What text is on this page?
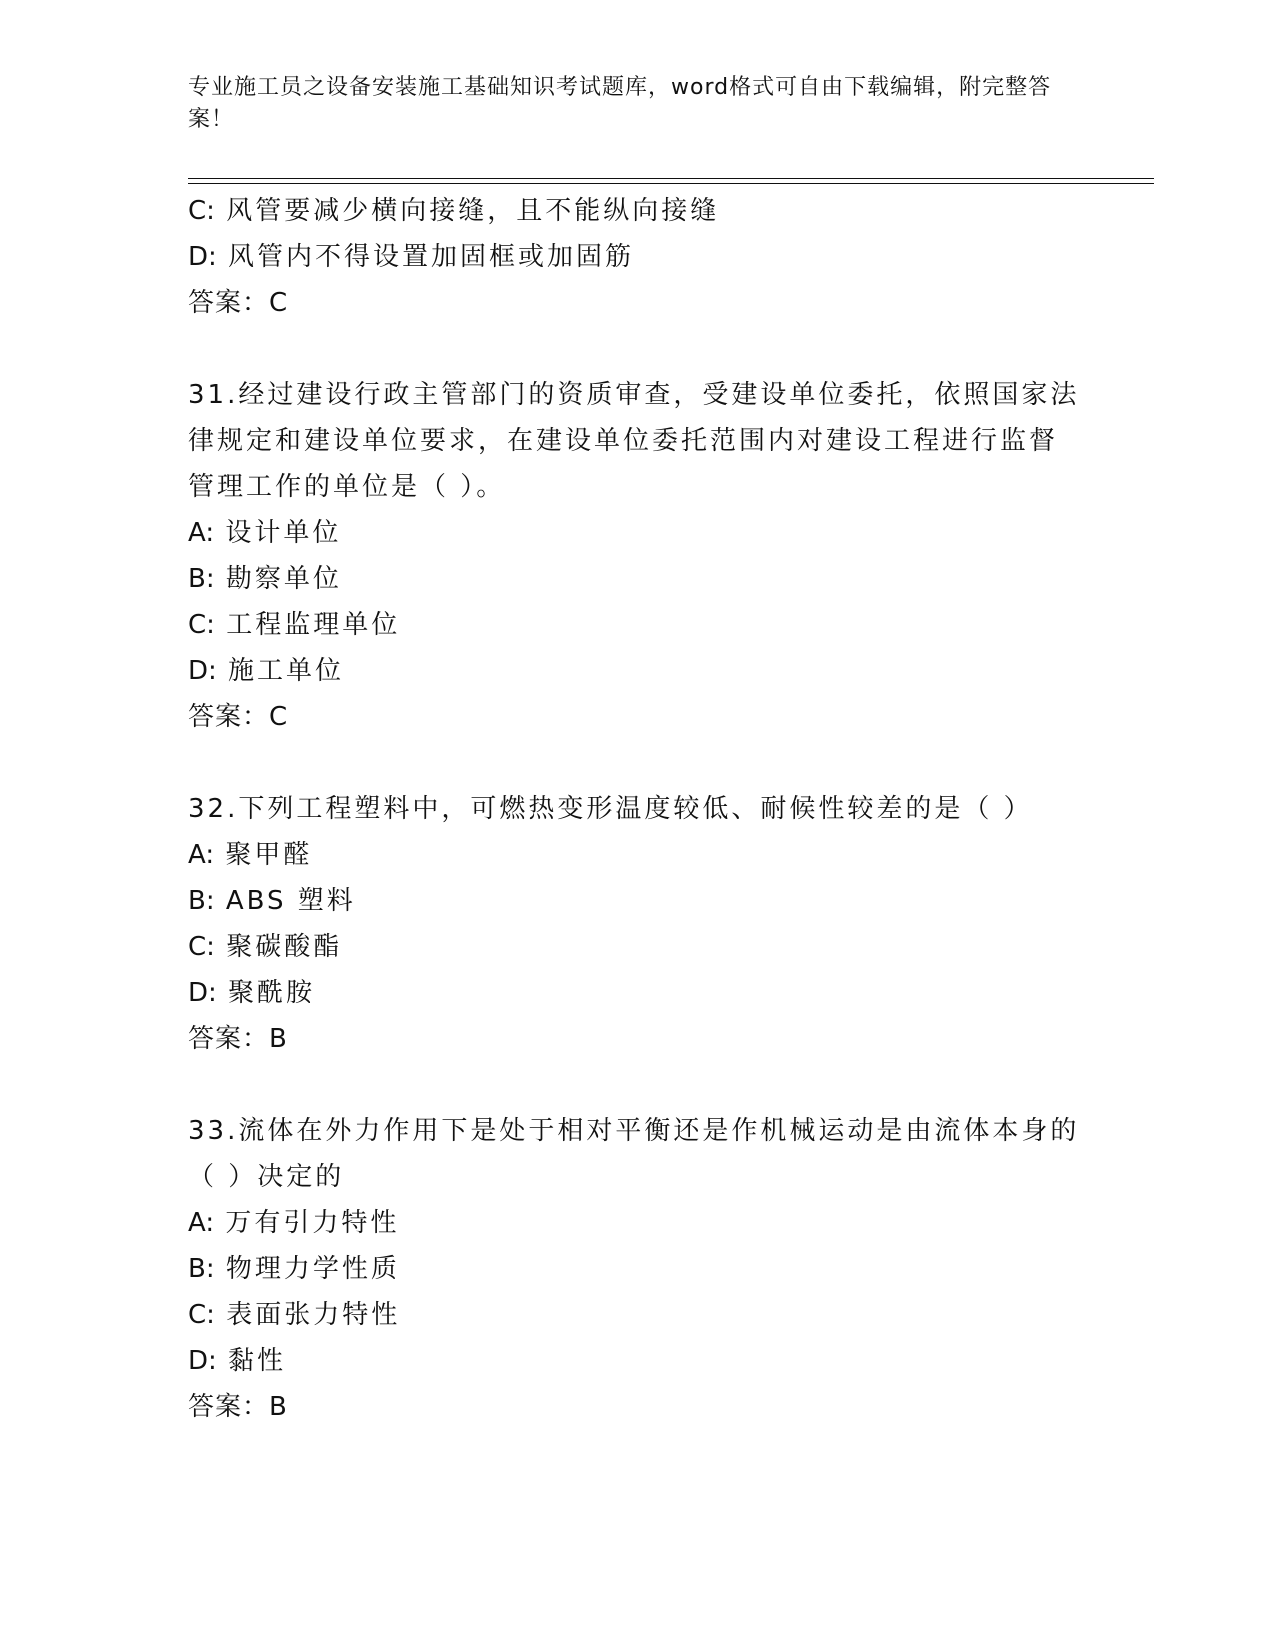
专业施工员之设备安装施工基础知识考试题库，word格式可自由下载编辑，附完整答案！

C: 风管要减少横向接缝，且不能纵向接缝

D: 风管内不得设置加固框或加固筋

答案：C

31.经过建设行政主管部门的资质审查，受建设单位委托，依照国家法

律规定和建设单位要求，在建设单位委托范围内对建设工程进行监督

管理工作的单位是（ ）。

A: 设计单位

B: 勘察单位

C: 工程监理单位

D: 施工单位

答案：C

32.下列工程塑料中，可燃热变形温度较低、耐候性较差的是（ ）

A: 聚甲醛

B: ABS 塑料

C: 聚碳酸酯

D: 聚酰胺

答案：B

33.流体在外力作用下是处于相对平衡还是作机械运动是由流体本身的

（ ）决定的

A: 万有引力特性

B: 物理力学性质

C: 表面张力特性

D: 黏性

答案：B
